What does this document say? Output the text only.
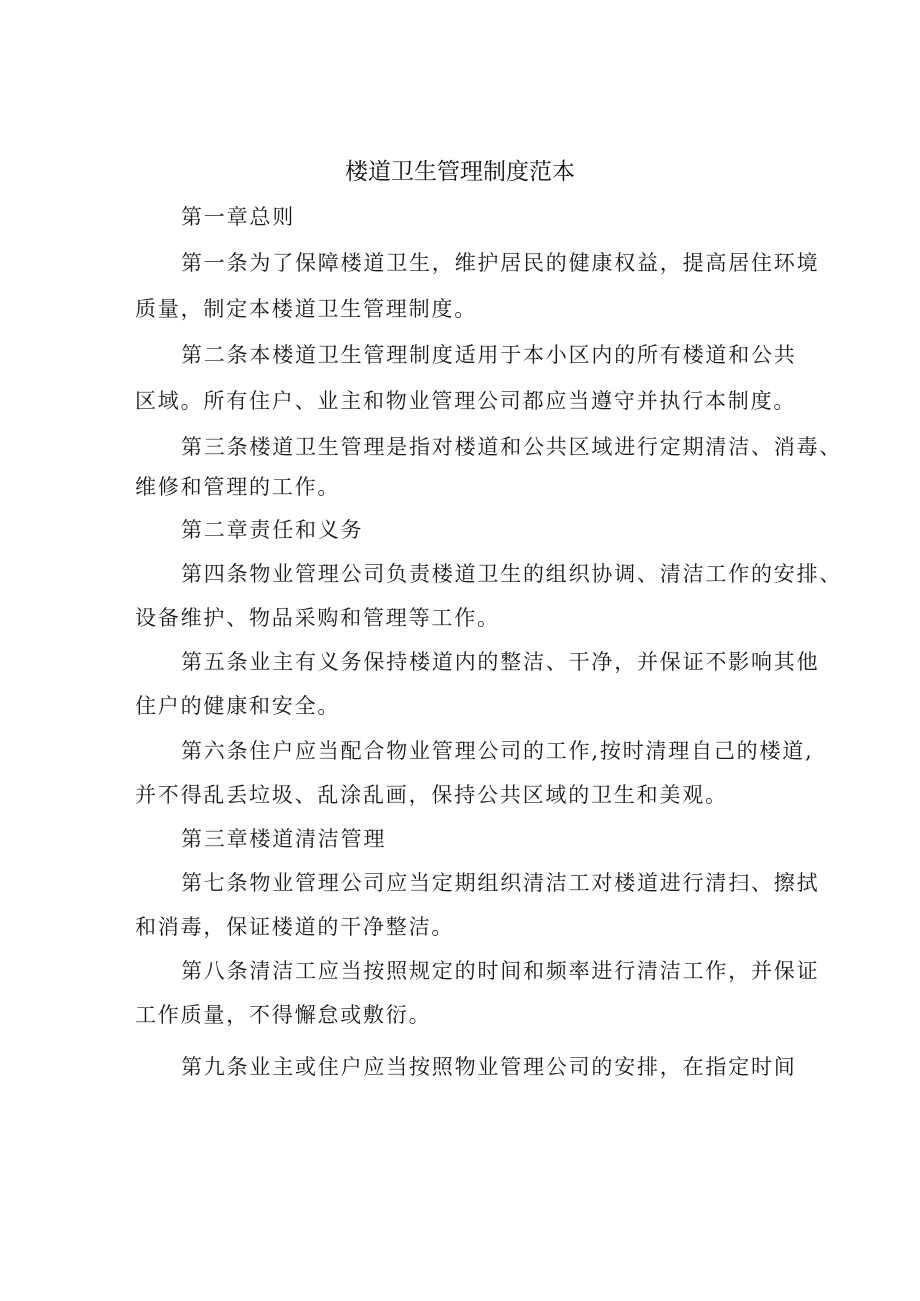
楼道卫生管理制度范本
第一章总则
第一条为了保障楼道卫生，维护居民的健康权益，提高居住环境
质量，制定本楼道卫生管理制度。
第二条本楼道卫生管理制度适用于本小区内的所有楼道和公共
区域。所有住户、业主和物业管理公司都应当遵守并执行本制度。
第三条楼道卫生管理是指对楼道和公共区域进行定期清洁、消毒、
维修和管理的工作。
第二章责任和义务
第四条物业管理公司负责楼道卫生的组织协调、清洁工作的安排、
设备维护、物品采购和管理等工作。
第五条业主有义务保持楼道内的整洁、干净，并保证不影响其他
住户的健康和安全。
第六条住户应当配合物业管理公司的工作,按时清理自己的楼道,
并不得乱丢垃圾、乱涂乱画，保持公共区域的卫生和美观。
第三章楼道清洁管理
第七条物业管理公司应当定期组织清洁工对楼道进行清扫、擦拭
和消毒，保证楼道的干净整洁。
第八条清洁工应当按照规定的时间和频率进行清洁工作，并保证
工作质量，不得懈怠或敷衍。
第九条业主或住户应当按照物业管理公司的安排，在指定时间
